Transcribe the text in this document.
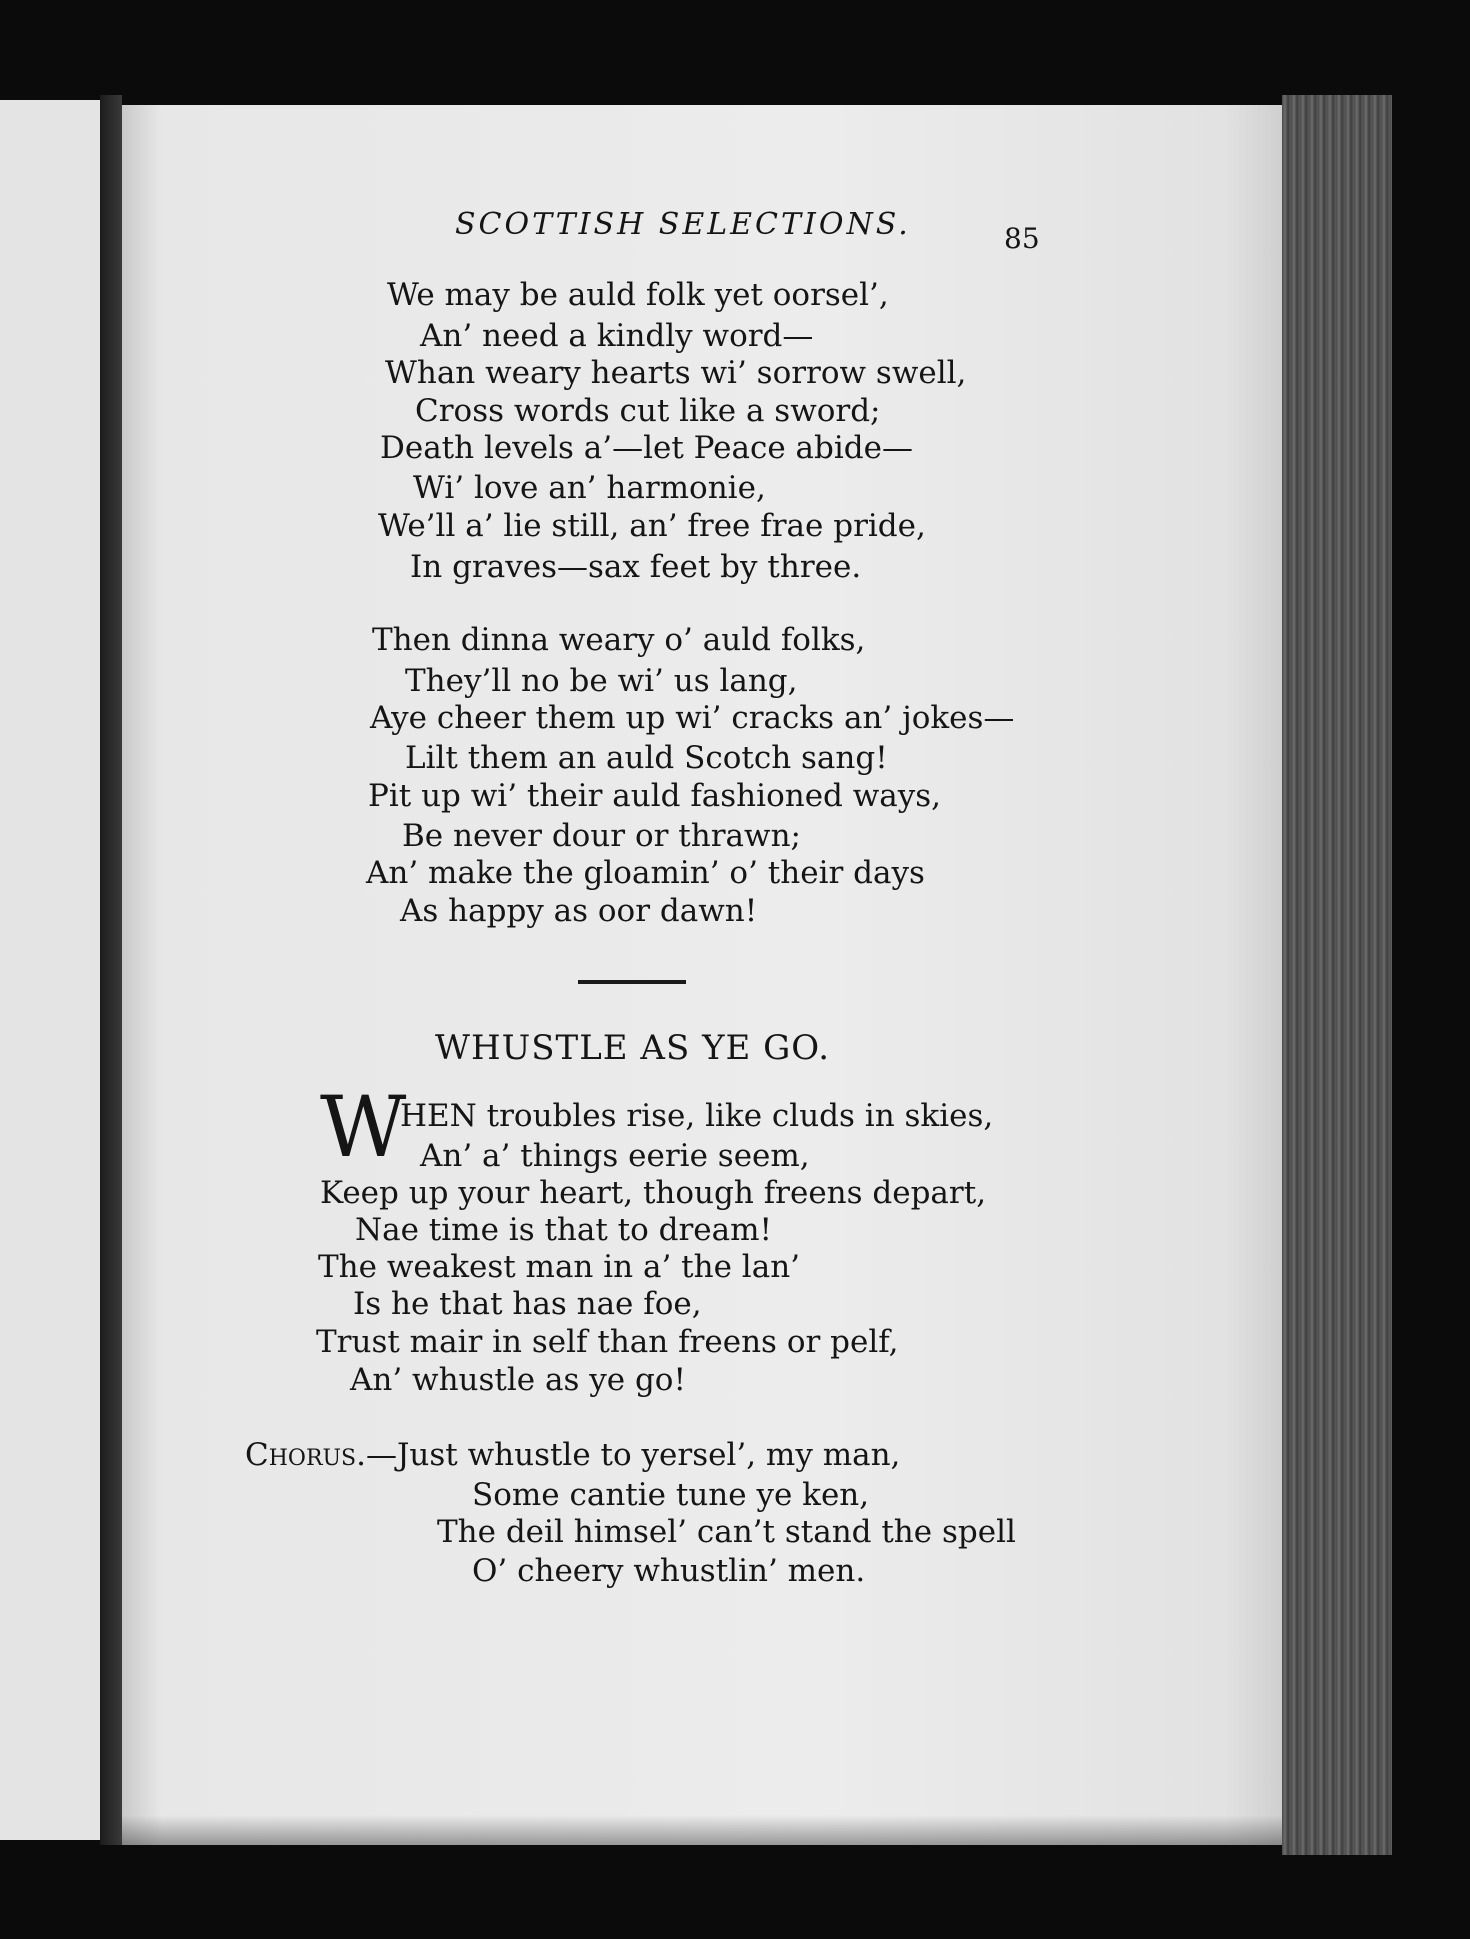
SCOTTISH SELECTIONS.	85
We may be auld folk yet oorsel’,
An’ need a kindly word—
Whan weary hearts wi’ sorrow swell,
Cross words cut like a sword;
Death levels a’—let Peace abide—
Wi’ love an’ harmonie,
We’ll a’ lie still, an’ free frae pride,
In graves—sax feet by three.
Then dinna weary o’ auld folks,
They’ll no be wi’ us lang,
Aye cheer them up wi’ cracks an’ jokes—
Lilt them an auld Scotch sang!
Pit up wi’ their auld fashioned ways,
Be never dour or thrawn;
An’ make the gloamin’ o’ their days
As happy as oor dawn!
WHUSTLE AS YE GO.
W
HEN troubles rise, like cluds in skies,
An’ a’ things eerie seem,
Keep up your heart, though freens depart,
Nae time is that to dream!
The weakest man in a’ the lan’
Is he that has nae foe,
Trust mair in self than freens or pelf,
An’ whustle as ye go!
Chorus.—Just whustle to yersel’, my man,
Some cantie tune ye ken,
The deil himsel’ can’t stand the spell
O’ cheery whustlin’ men.
